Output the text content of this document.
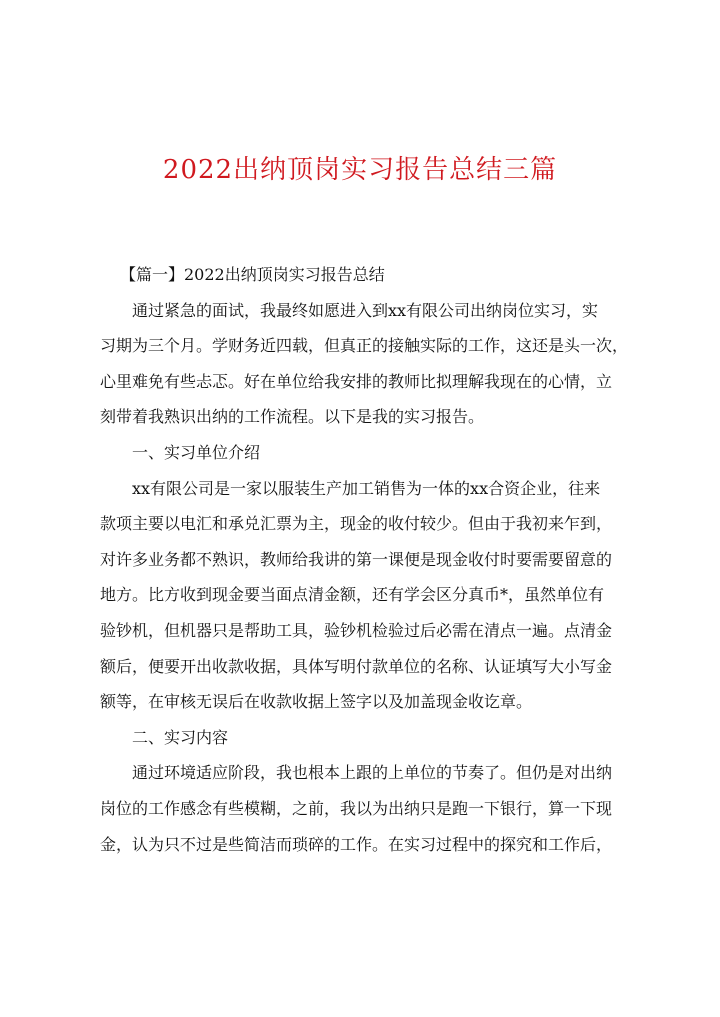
2022出纳顶岗实习报告总结三篇
【篇一】2022出纳顶岗实习报告总结
通过紧急的面试，我最终如愿进入到xx有限公司出纳岗位实习，实
习期为三个月。学财务近四载，但真正的接触实际的工作，这还是头一次，
心里难免有些忐忑。好在单位给我安排的教师比拟理解我现在的心情，立
刻带着我熟识出纳的工作流程。以下是我的实习报告。
一、实习单位介绍
xx有限公司是一家以服装生产加工销售为一体的xx合资企业，往来
款项主要以电汇和承兑汇票为主，现金的收付较少。但由于我初来乍到，
对许多业务都不熟识，教师给我讲的第一课便是现金收付时要需要留意的
地方。比方收到现金要当面点清金额，还有学会区分真币*，虽然单位有
验钞机，但机器只是帮助工具，验钞机检验过后必需在清点一遍。点清金
额后，便要开出收款收据，具体写明付款单位的名称、认证填写大小写金
额等，在审核无误后在收款收据上签字以及加盖现金收讫章。
二、实习内容
通过环境适应阶段，我也根本上跟的上单位的节奏了。但仍是对出纳
岗位的工作感念有些模糊，之前，我以为出纳只是跑一下银行，算一下现
金，认为只不过是些简洁而琐碎的工作。在实习过程中的探究和工作后，
